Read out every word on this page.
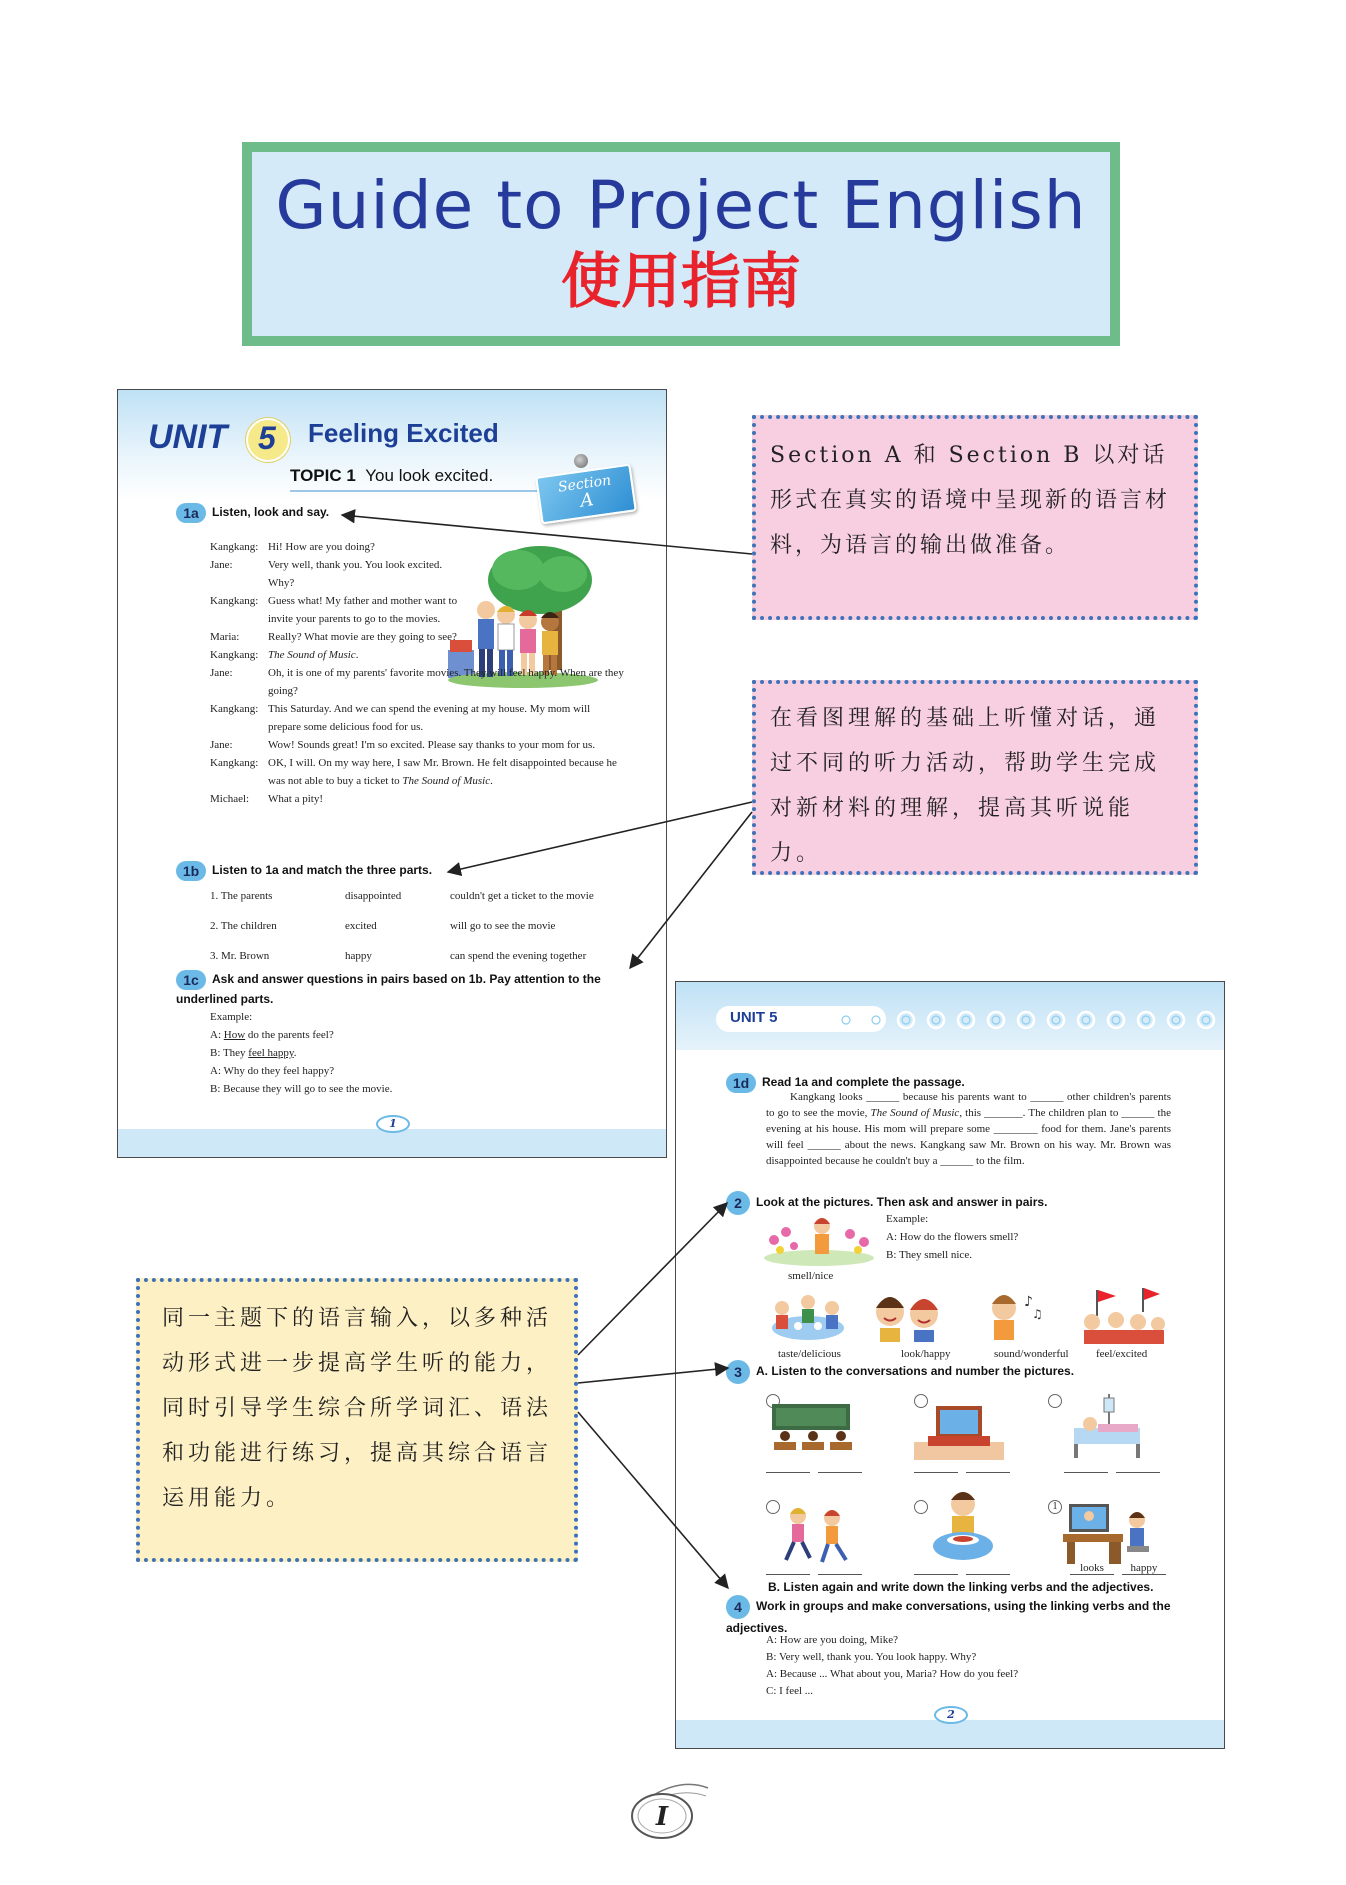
Guide to Project English
使用指南
UNIT 5 Feeling Excited
TOPIC 1 You look excited.	Section
A
1a Listen, look and say.
Kangkang: Hi! How are you doing?
Jane:	Very well, thank you. You look excited. Why?
Kangkang: Guess what! My father and mother want to invite your parents to go to the movies.
Maria:	Really? What movie are they going to see?
Kangkang: The Sound of Music.
Jane:	Oh, it is one of my parents' favorite movies. They will feel happy. When are they going?
Kangkang: This Saturday. And we can spend the evening at my house. My mom will prepare some delicious food for us.
Jane:	Wow! Sounds great! I'm so excited. Please say thanks to your mom for us.
Kangkang: OK, I will. On my way here, I saw Mr. Brown. He felt disappointed because he was not able to buy a ticket to The Sound of Music.
Michael: What a pity!
1b Listen to 1a and match the three parts.
1. The parents	disappointed	couldn't get a ticket to the movie
2. The children	excited	will go to see the movie
3. Mr. Brown	happy	can spend the evening together
1c Ask and answer questions in pairs based on 1b. Pay attention to the underlined parts.
Example:
A: How do the parents feel?
B: They feel happy.
A: Why do they feel happy?
B: Because they will go to see the movie.
1
UNIT 5
1d Read 1a and complete the passage.
Kangkang looks ______ because his parents want to ______ other children's parents to go to see the movie, The Sound of Music, this _______. The children plan to ______ the evening at his house. His mom will prepare some ________ food for them. Jane's parents will feel ______ about the news. Kangkang saw Mr. Brown on his way. Mr. Brown was disappointed because he couldn't buy a ______ to the film.
2 Look at the pictures. Then ask and answer in pairs.
Example:
A: How do the flowers smell?
B: They smell nice.
smell/nice
taste/delicious	look/happy
♪
♫
sound/wonderful feel/excited
3 A. Listen to the conversations and number the pictures.
1
looks	happy
B. Listen again and write down the linking verbs and the adjectives.
4 Work in groups and make conversations, using the linking verbs and the adjectives.
A: How are you doing, Mike?
B: Very well, thank you. You look happy. Why?
A: Because ... What about you, Maria? How do you feel?
C: I feel ...
2
Section A 和 Section B 以对话形式在真实的语境中呈现新的语言材料，为语言的输出做准备。
在看图理解的基础上听懂对话，通过不同的听力活动，帮助学生完成对新材料的理解，提高其听说能力。
同一主题下的语言输入，以多种活动形式进一步提高学生听的能力，同时引导学生综合所学词汇、语法和功能进行练习，提高其综合语言运用能力。
I
